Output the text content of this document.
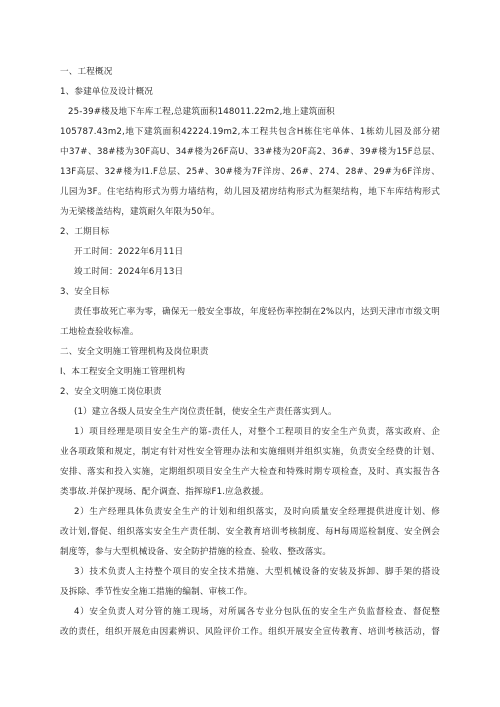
一、工程概况
1、参建单位及设计概况
25-39#楼及地下车库工程,总建筑面积148011.22m2,地上建筑面积
105787.43m2,地下建筑面积42224.19m2,本工程共包含H栋住宅单体、1栋幼儿园及部分裙
中37#、38#楼为30F高U、34#楼为26F高U、33#楼为20F高2、36#、39#楼为15F总层、
13F高层、32#楼为I1.F总层、25#、30#楼为7F洋房、26#、274、28#、29#为6F洋房、
儿园为3F。住宅结构形式为剪力墙结构，幼儿园及裙房结构形式为框架结构，地下车库结构形式
为无梁楼盖结构，建筑耐久年限为50年。
2、工期目标
开工时间：2022年6月11日
竣工时间：2024年6月13日
3、安全目标
责任事故死亡率为零，确保无一般安全事故，年度轻伤率控制在2%以内，达到天津市市级文明
工地检查验收标准。
二、安全文明施工管理机构及岗位职责
I、本工程安全文明施工管理机构
2、安全文明施工岗位职责
(1）建立各级人员安全生产岗位责任制，使安全生产责任落实到人。
1）项目经理是项目安全生产的第-责任人，对整个工程项目的安全生产负责，落实政府、企
业各项政策和规定，制定有针对性安全管理办法和实施细则并组织实施，负责安全经费的计划、
安排、落实和投入实施，定期组织项目安全生产大检查和特殊时期专项检查，及时、真实报告各
类事故.并保护现场、配介调查、指挥琼F1.应急救援。
2）生产经理具体负责安全生产的计划和组织落实，及时向质量安全经理提供进度计划、修
改计划,督促、组织落实安全生产责任制、安全教育培训考核制度、每H每周巡检制度、安全例会
制度等，参与大型机械设备、安全防护措施的检查、验收、整改落实。
3）技术负责人主持整个项目的安全技术措施、大型机械设备的安装及拆卸、脚手架的搭设
及拆除、季节性安全施工措施的编制、审核工作。
4）安全负责人对分管的施工现场，对所属各专业分包队伍的安全生产负监督检查、督促整
改的责任，组织开展危由因素辨识、风险评价工作。组织开展安全宣传教育、培训考核活动，督
